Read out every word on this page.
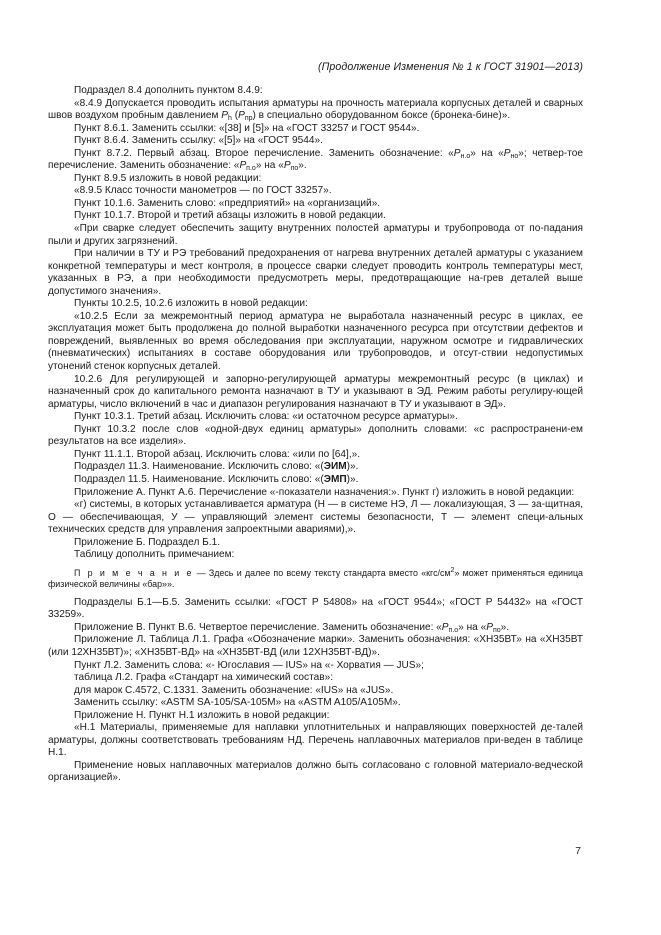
(Продолжение Изменения № 1 к ГОСТ 31901—2013)

Подраздел 8.4 дополнить пунктом 8.4.9:

«8.4.9 Допускается проводить испытания арматуры на прочность материала корпусных деталей и сварных швов воздухом пробным давлением $P_h$ $(P_{пр})$ в специально оборудованном боксе (бронека-бине)».

Пункт 8.6.1. Заменить ссылки: «[38] и [5]» на «ГОСТ 33257 и ГОСТ 9544».

Пункт 8.6.4. Заменить ссылку: «[5]» на «ГОСТ 9544».

Пункт 8.7.2. Первый абзац. Второе перечисление. Заменить обозначение: «$P_{н.о}$» на «$P_{но}$»; четвер-тое перечисление. Заменить обозначение: «$P_{п.о}$» на «$P_{по}$».

Пункт 8.9.5 изложить в новой редакции:

«8.9.5 Класс точности манометров — по ГОСТ 33257».

Пункт 10.1.6. Заменить слово: «предприятий» на «организаций».

Пункт 10.1.7. Второй и третий абзацы изложить в новой редакции.

«При сварке следует обеспечить защиту внутренних полостей арматуры и трубопровода от по-падания пыли и других загрязнений.

При наличии в ТУ и РЭ требований предохранения от нагрева внутренних деталей арматуры с указанием конкретной температуры и мест контроля, в процессе сварки следует проводить контроль температуры мест, указанных в РЭ, а при необходимости предусмотреть меры, предотвращающие на-грев деталей выше допустимого значения».

Пункты 10.2.5, 10.2.6 изложить в новой редакции:

«10.2.5 Если за межремонтный период арматура не выработала назначенный ресурс в циклах, ее эксплуатация может быть продолжена до полной выработки назначенного ресурса при отсутствии дефектов и повреждений, выявленных во время обследования при эксплуатации, наружном осмотре и гидравлических (пневматических) испытаниях в составе оборудования или трубопроводов, и отсут-ствии недопустимых утонений стенок корпусных деталей.

10.2.6 Для регулирующей и запорно-регулирующей арматуры межремонтный ресурс (в циклах) и назначенный срок до капитального ремонта назначают в ТУ и указывают в ЭД. Режим работы регулиру-ющей арматуры, число включений в час и диапазон регулирования назначают в ТУ и указывают в ЭД».

Пункт 10.3.1. Третий абзац. Исключить слова: «и остаточном ресурсе арматуры».

Пункт 10.3.2 после слов «одной-двух единиц арматуры» дополнить словами: «с распространени-ем результатов на все изделия».

Пункт 11.1.1. Второй абзац. Исключить слова: «или по [64],».

Подраздел 11.3. Наименование. Исключить слово: «(ЭИМ)».

Подраздел 11.5. Наименование. Исключить слово: «(ЭМП)».

Приложение А. Пункт А.6. Перечисление «-показатели назначения:». Пункт г) изложить в новой редакции:

«г) системы, в которых устанавливается арматура (Н — в системе НЭ, Л — локализующая, З — за-щитная, О — обеспечивающая, У — управляющий элемент системы безопасности, Т — элемент специ-альных технических средств для управления запроектными авариями),».

Приложение Б. Подраздел Б.1.

Таблицу дополнить примечанием:

П р и м е ч а н и е — Здесь и далее по всему тексту стандарта вместо «$кгс/см^2$» может применяться единица физической величины «бар»».

Подразделы Б.1—Б.5. Заменить ссылки: «ГОСТ Р 54808» на «ГОСТ 9544»; «ГОСТ Р 54432» на «ГОСТ 33259».

Приложение В. Пункт В.6. Четвертое перечисление. Заменить обозначение: «$P_{п.о}$» на «$P_{по}$».

Приложение Л. Таблица Л.1. Графа «Обозначение марки». Заменить обозначения: «ХН35ВТ» на «ХН35ВТ (или 12ХН35ВТ)»; «ХН35ВТ-ВД» на «ХН35ВТ-ВД (или 12ХН35ВТ-ВД)».

Пункт Л.2. Заменить слова: «- Югославия — IUS» на «- Хорватия — JUS»;

таблица Л.2. Графа «Стандарт на химический состав»:

для марок С.4572, С.1331. Заменить обозначение: «IUS» на «JUS».

Заменить ссылку: «ASTM SA-105/SA-105M» на «ASTM A105/A105M».

Приложение Н. Пункт Н.1 изложить в новой редакции:

«Н.1 Материалы, применяемые для наплавки уплотнительных и направляющих поверхностей де-талей арматуры, должны соответствовать требованиям НД. Перечень наплавочных материалов при-веден в таблице Н.1.

Применение новых наплавочных материалов должно быть согласовано с головной материало-ведческой организацией».

7
